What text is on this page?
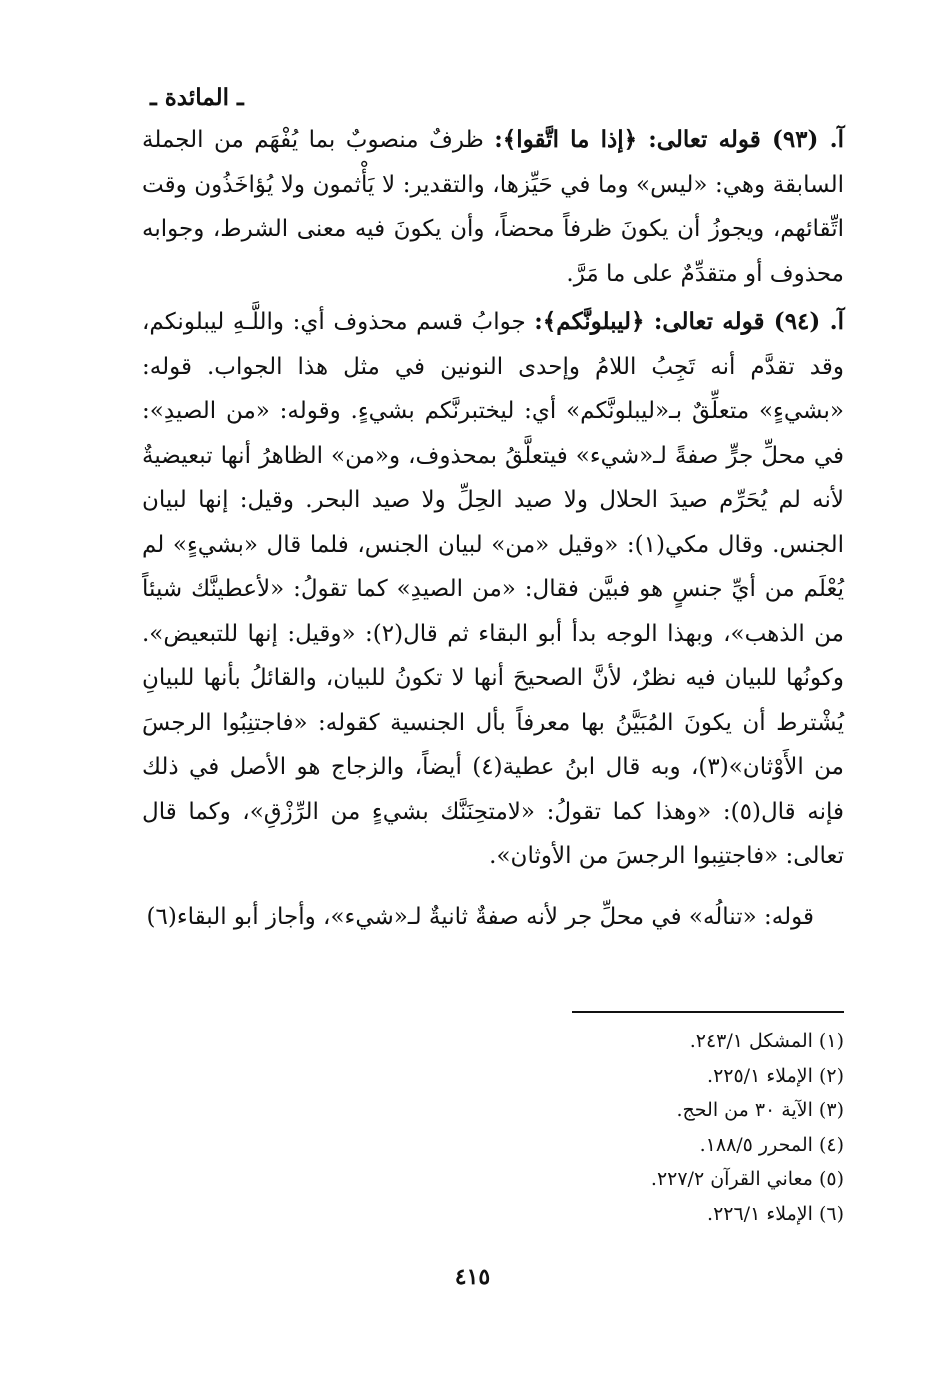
ـ المائدة ـ

آ. (٩٣) قوله تعالى: ﴿إذا ما اتَّقوا﴾: ظرفٌ منصوبٌ بما يُفْهَم من الجملة السابقة وهي: «ليس» وما في حَيِّزها، والتقدير: لا يَأْثمون ولا يُؤاخَذُون وقت اتِّقائهم، ويجوزُ أن يكونَ ظرفاً محضاً، وأن يكونَ فيه معنى الشرط، وجوابه محذوف أو متقدِّمٌ على ما مَرَّ.

آ. (٩٤) قوله تعالى: ﴿ليبلونَّكم﴾: جوابُ قسم محذوف أي: واللَّـهِ ليبلونكم، وقد تقدَّم أنه تَجِبُ اللامُ وإحدى النونين في مثل هذا الجواب. قوله: «بشيءٍ» متعلِّقٌ بـ«ليبلونَّكم» أي: ليختبرنَّكم بشيءٍ. وقوله: «من الصيدِ»: في محلِّ جرٍّ صفةً لـ«شيء» فيتعلَّقُ بمحذوف، و«من» الظاهرُ أنها تبعيضيةٌ لأنه لم يُحَرِّم صيدَ الحلال ولا صيد الحِلِّ ولا صيد البحر. وقيل: إنها لبيان الجنس. وقال مكي(١): «وقيل «من» لبيان الجنس، فلما قال «بشيءٍ» لم يُعْلَم من أيِّ جنسٍ هو فبيَّن فقال: «من الصيدِ» كما تقولُ: «لأعطينَّك شيئاً من الذهب»، وبهذا الوجه بدأ أبو البقاء ثم قال(٢): «وقيل: إنها للتبعيض». وكونُها للبيان فيه نظرٌ، لأنَّ الصحيحَ أنها لا تكونُ للبيان، والقائلُ بأنها للبيانِ يُشْترط أن يكونَ المُبَيَّنُ بها معرفاً بأل الجنسية كقوله: «فاجتنِبُوا الرجسَ من الأَوْثان»(٣)، وبه قال ابنُ عطية(٤) أيضاً، والزجاج هو الأصل في ذلك فإنه قال(٥): «وهذا كما تقولُ: «لامتحِنَنَّك بشيءٍ من الرِّزْقِ»، وكما قال تعالى: «فاجتنِبوا الرجسَ من الأوثان».

قوله: «تنالُه» في محلِّ جر لأنه صفةٌ ثانيةٌ لـ«شيء»، وأجاز أبو البقاء(٦)

(١) المشكل ٢٤٣/١.
(٢) الإملاء ٢٢٥/١.
(٣) الآية ٣٠ من الحج.
(٤) المحرر ١٨٨/٥.
(٥) معاني القرآن ٢٢٧/٢.
(٦) الإملاء ٢٢٦/١.
٤١٥
